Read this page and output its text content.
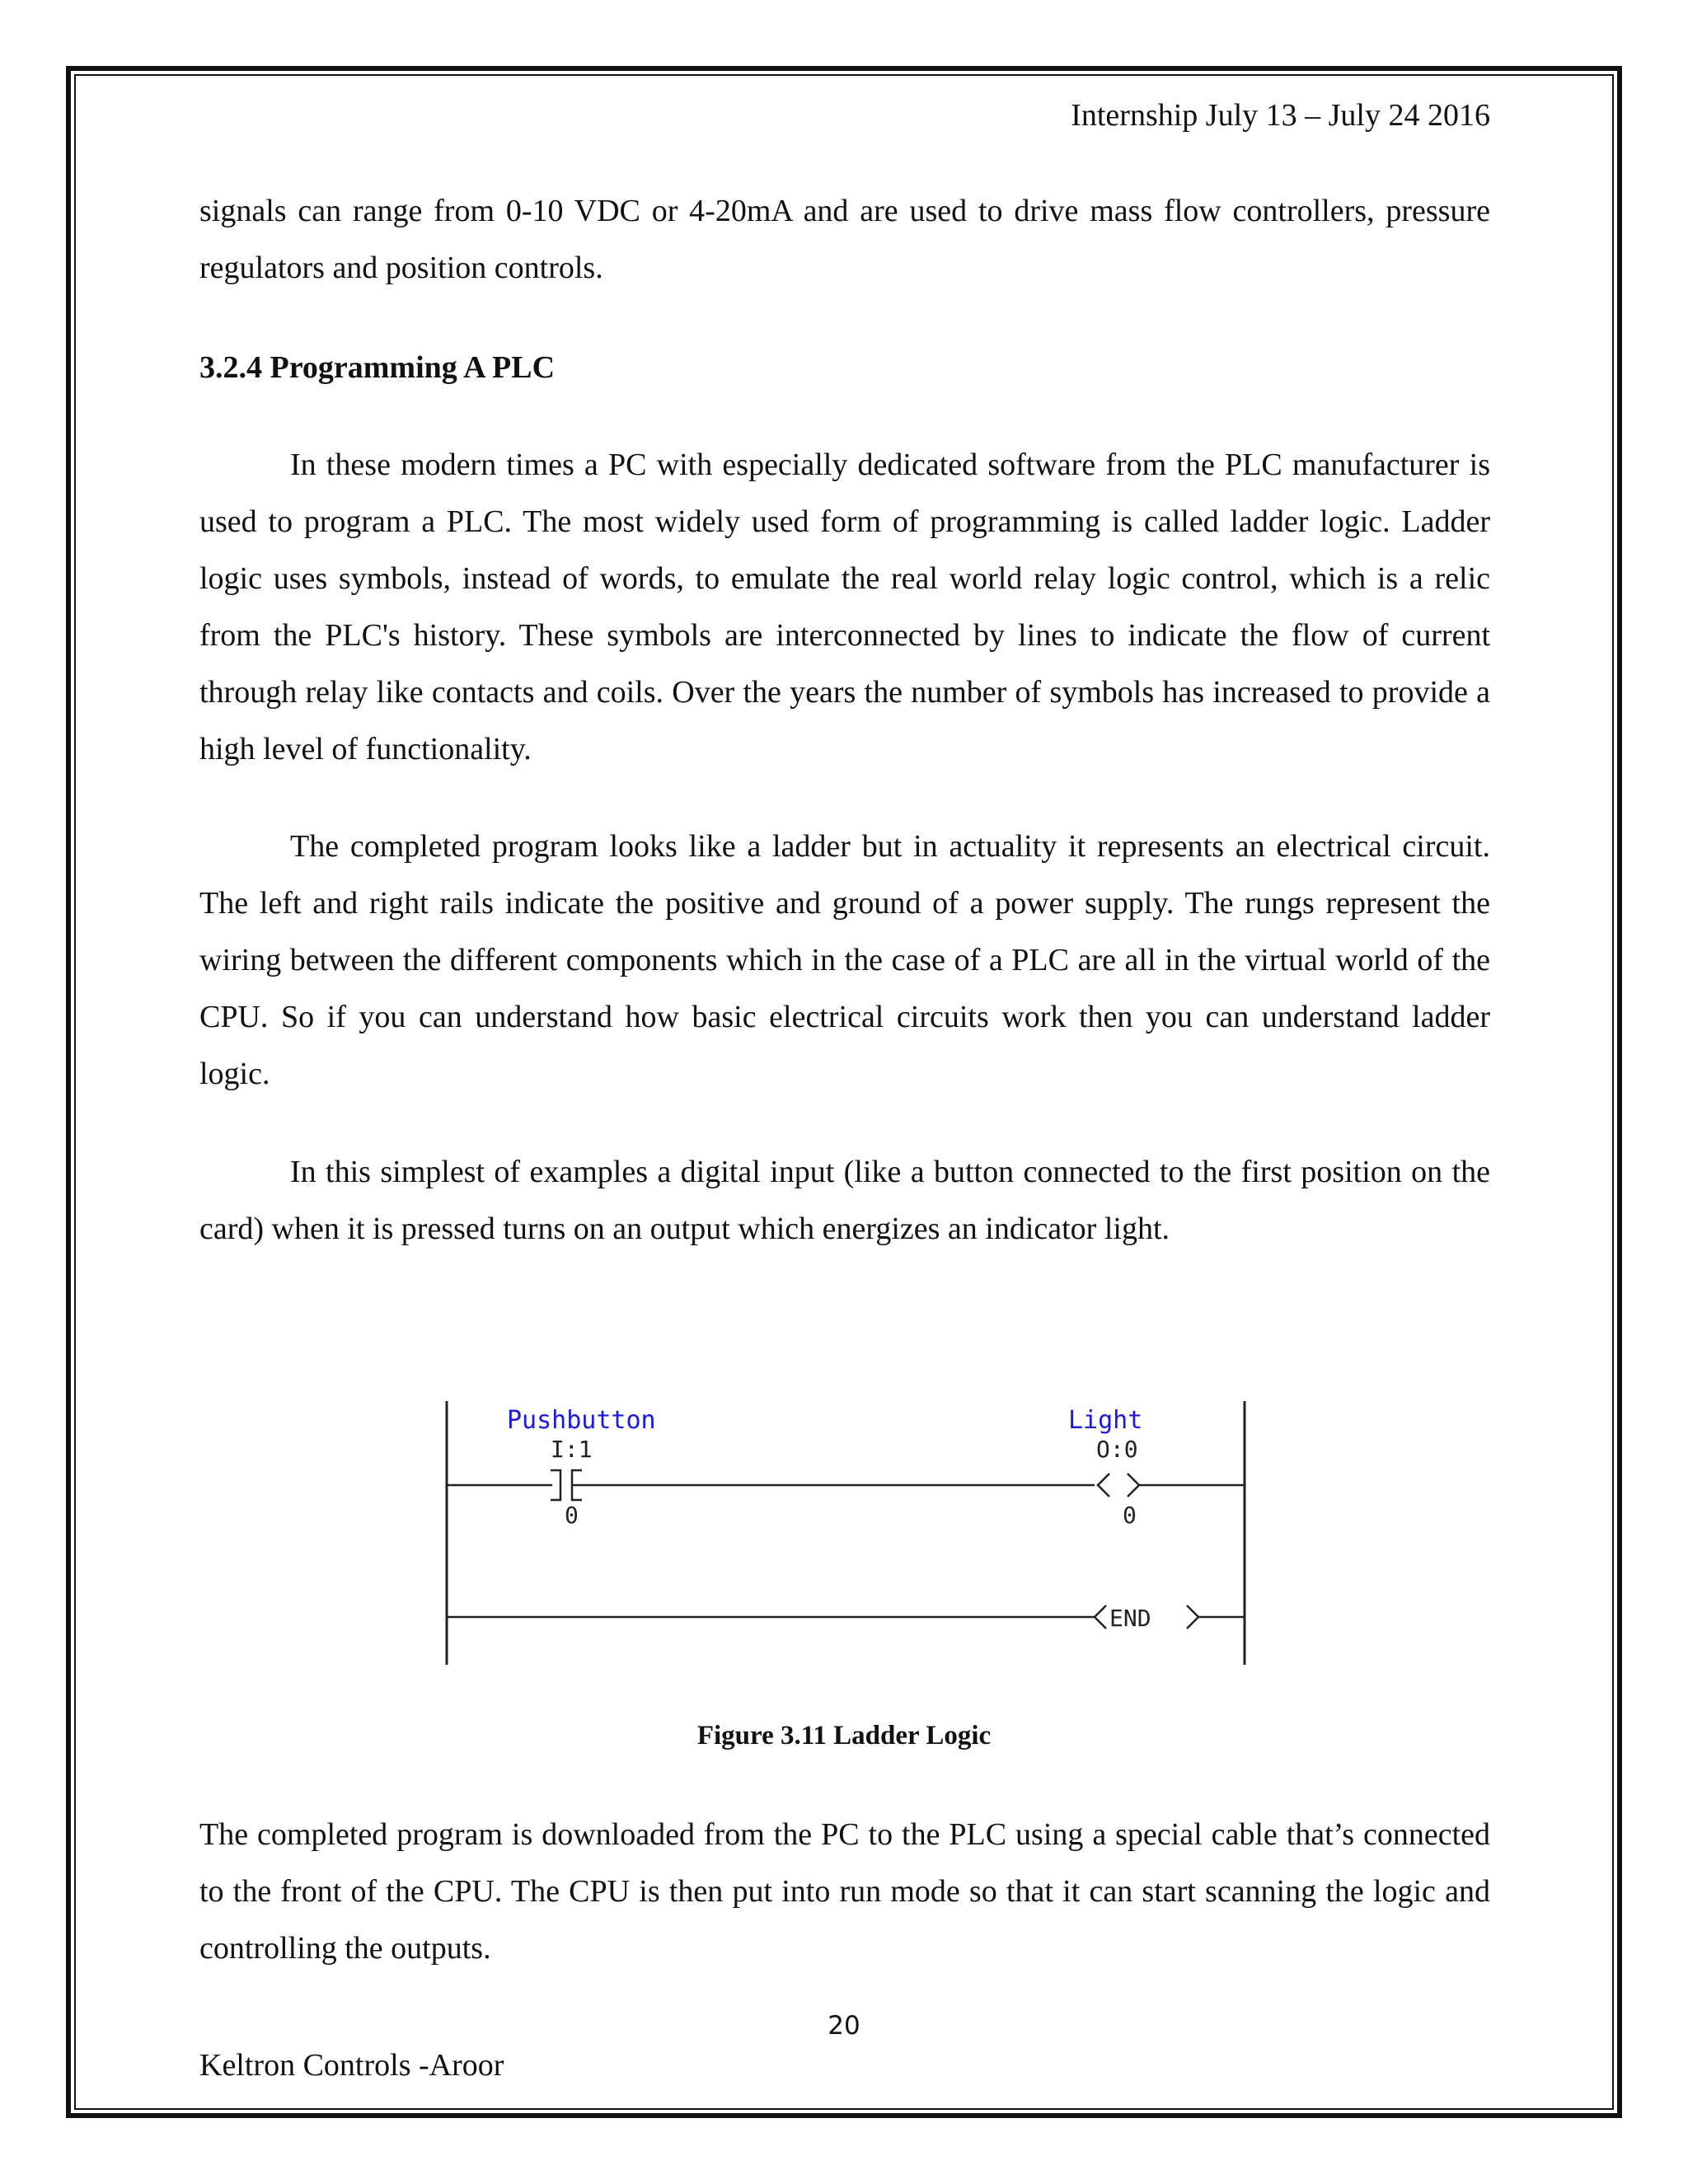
Internship July 13 – July 24 2016
signals can range from 0-10 VDC or 4-20mA and are used to drive mass flow controllers, pressure regulators and position controls.
3.2.4 Programming A PLC
In these modern times a PC with especially dedicated software from the PLC manufacturer is used to program a PLC. The most widely used form of programming is called ladder logic. Ladder logic uses symbols, instead of words, to emulate the real world relay logic control, which is a relic from the PLC's history. These symbols are interconnected by lines to indicate the flow of current through relay like contacts and coils. Over the years the number of symbols has increased to provide a high level of functionality.
The completed program looks like a ladder but in actuality it represents an electrical circuit. The left and right rails indicate the positive and ground of a power supply. The rungs represent the wiring between the different components which in the case of a PLC are all in the virtual world of the CPU. So if you can understand how basic electrical circuits work then you can understand ladder logic.
In this simplest of examples a digital input (like a button connected to the first position on the card) when it is pressed turns on an output which energizes an indicator light.
Pushbutton
I:1
0
Light
O:0
0
END
Figure 3.11 Ladder Logic
The completed program is downloaded from the PC to the PLC using a special cable that’s connected to the front of the CPU. The CPU is then put into run mode so that it can start scanning the logic and controlling the outputs.
20
Keltron Controls -Aroor
